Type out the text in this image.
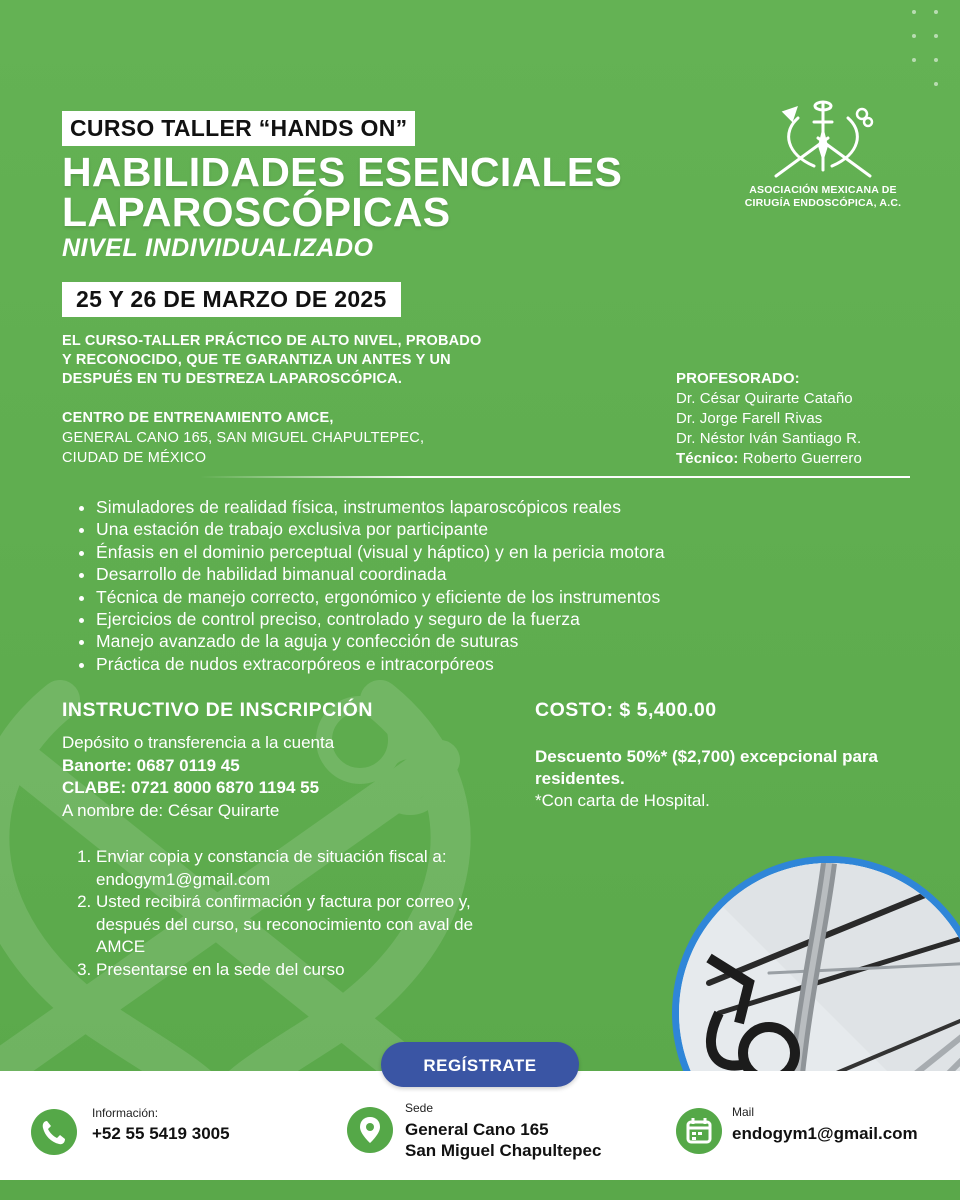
CURSO TALLER “HANDS ON”
HABILIDADES ESENCIALES
LAPAROSCÓPICAS
NIVEL INDIVIDUALIZADO
25 Y 26 DE MARZO DE 2025
ASOCIACIÓN MEXICANA DE
CIRUGÍA ENDOSCÓPICA, A.C.
EL CURSO-TALLER PRÁCTICO DE ALTO NIVEL, PROBADO
Y RECONOCIDO, QUE TE GARANTIZA UN ANTES Y UN
DESPUÉS EN TU DESTREZA LAPAROSCÓPICA.
CENTRO DE ENTRENAMIENTO AMCE,
GENERAL CANO 165, SAN MIGUEL CHAPULTEPEC,
CIUDAD DE MÉXICO
PROFESORADO:
Dr. César Quirarte Cataño
Dr. Jorge Farell Rivas
Dr. Néstor Iván Santiago R.
Técnico: Roberto Guerrero
• Simuladores de realidad física, instrumentos laparoscópicos reales
• Una estación de trabajo exclusiva por participante
• Énfasis en el dominio perceptual (visual y háptico) y en la pericia motora
• Desarrollo de habilidad bimanual coordinada
• Técnica de manejo correcto, ergonómico y eficiente de los instrumentos
• Ejercicios de control preciso, controlado y seguro de la fuerza
• Manejo avanzado de la aguja y confección de suturas
• Práctica de nudos extracorpóreos e intracorpóreos
INSTRUCTIVO DE INSCRIPCIÓN
Depósito o transferencia a la cuenta
Banorte: 0687 0119 45
CLABE: 0721 8000 6870 1194 55
A nombre de: César Quirarte
1. Enviar copia y constancia de situación fiscal a: endogym1@gmail.com
2. Usted recibirá confirmación y factura por correo y, después del curso, su reconocimiento con aval de AMCE
3. Presentarse en la sede del curso
COSTO: $ 5,400.00
Descuento 50%* ($2,700) excepcional para residentes.
*Con carta de Hospital.
REGÍSTRATE
Información:
+52 55 5419 3005
Sede
General Cano 165
San Miguel Chapultepec
Mail
endogym1@gmail.com
